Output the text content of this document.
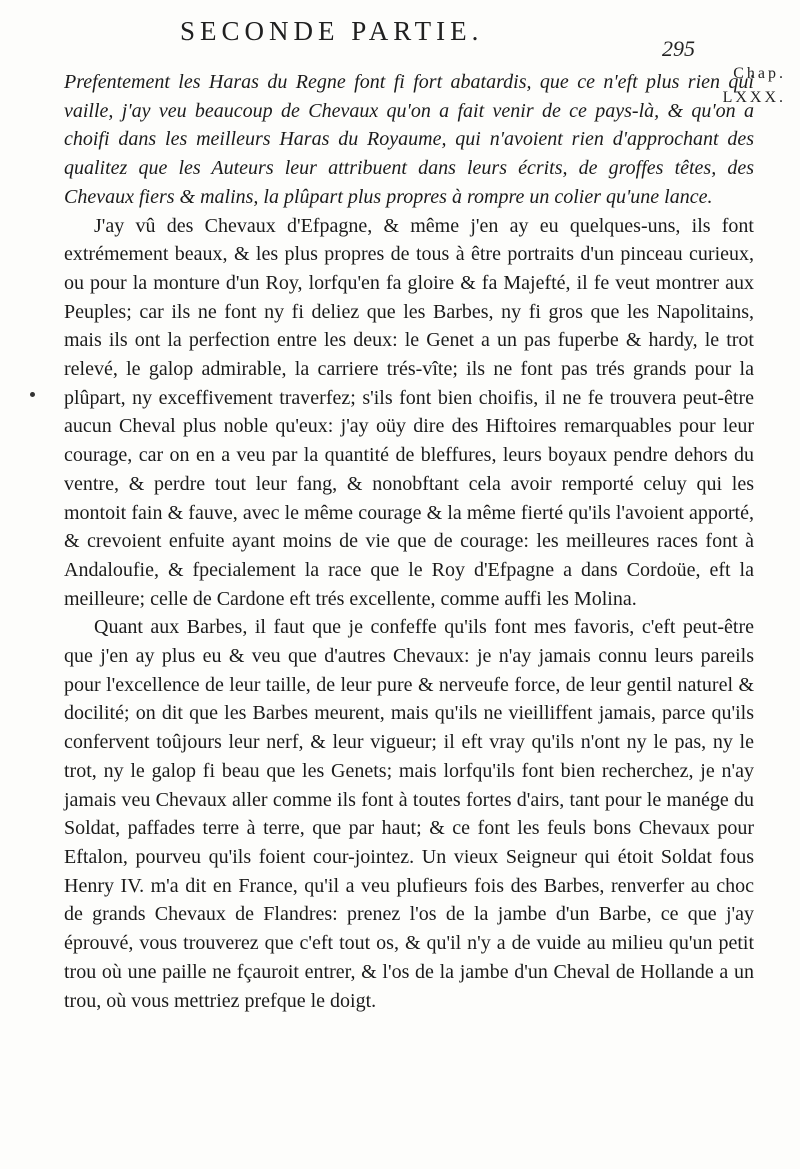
SECONDE PARTIE.
295
Chap.
LXXX.

Prefentement les Haras du Regne font fi fort abatardis, que ce n'eft plus rien qui vaille, j'ay veu beaucoup de Chevaux qu'on a fait venir de ce pays-là, & qu'on a choifi dans les meilleurs Haras du Royaume, qui n'avoient rien d'approchant des qualitez que les Auteurs leur attribuent dans leurs écrits, de groffes têtes, des Chevaux fiers & malins, la plûpart plus propres à rompre un colier qu'une lance.

J'ay vû des Chevaux d'Efpagne, & même j'en ay eu quelques-uns, ils font extrémement beaux, & les plus propres de tous à être portraits d'un pinceau curieux, ou pour la monture d'un Roy, lorfqu'en fa gloire & fa Majefté, il fe veut montrer aux Peuples; car ils ne font ny fi deliez que les Barbes, ny fi gros que les Napolitains, mais ils ont la perfection entre les deux: le Genet a un pas fuperbe & hardy, le trot relevé, le galop admirable, la carriere trés-vîte; ils ne font pas trés grands pour la plûpart, ny exceffivement traverfez; s'ils font bien choifis, il ne fe trouvera peut-être aucun Cheval plus noble qu'eux: j'ay oüy dire des Hiftoires remarquables pour leur courage, car on en a veu par la quantité de bleffures, leurs boyaux pendre dehors du ventre, & perdre tout leur fang, & nonobftant cela avoir remporté celuy qui les montoit fain & fauve, avec le même courage & la même fierté qu'ils l'avoient apporté, & crevoient enfuite ayant moins de vie que de courage: les meilleures races font à Andaloufie, & fpecialement la race que le Roy d'Efpagne a dans Cordoüe, eft la meilleure; celle de Cardone eft trés excellente, comme auffi les Molina.

Quant aux Barbes, il faut que je confeffe qu'ils font mes favoris, c'eft peut-être que j'en ay plus eu & veu que d'autres Chevaux: je n'ay jamais connu leurs pareils pour l'excellence de leur taille, de leur pure & nerveufe force, de leur gentil naturel & docilité; on dit que les Barbes meurent, mais qu'ils ne vieilliffent jamais, parce qu'ils confervent toûjours leur nerf, & leur vigueur; il eft vray qu'ils n'ont ny le pas, ny le trot, ny le galop fi beau que les Genets; mais lorfqu'ils font bien recherchez, je n'ay jamais veu Chevaux aller comme ils font à toutes fortes d'airs, tant pour le manége du Soldat, paffades terre à terre, que par haut; & ce font les feuls bons Chevaux pour Eftalon, pourveu qu'ils foient cour-jointez. Un vieux Seigneur qui étoit Soldat fous Henry IV. m'a dit en France, qu'il a veu plufieurs fois des Barbes, renverfer au choc de grands Chevaux de Flandres: prenez l'os de la jambe d'un Barbe, ce que j'ay éprouvé, vous trouverez que c'eft tout os, & qu'il n'y a de vuide au milieu qu'un petit trou où une paille ne fçauroit entrer, & l'os de la jambe d'un Cheval de Hollande a un trou, où vous mettriez prefque le doigt.
